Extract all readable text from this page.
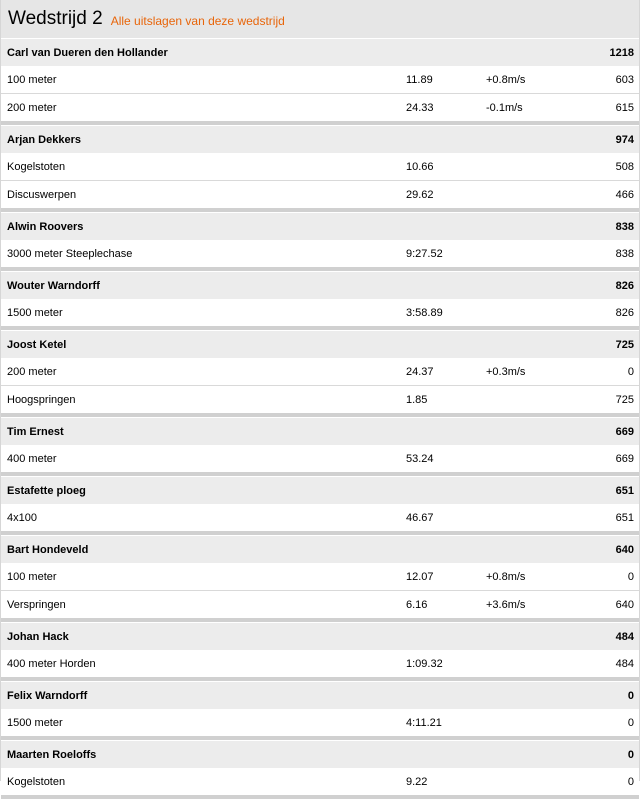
Wedstrijd 2 Alle uitslagen van deze wedstrijd
Carl van Dueren den Hollander	1218
100 meter	11.89	+0.8m/s	603
200 meter	24.33	-0.1m/s	615
Arjan Dekkers	974
Kogelstoten	10.66	508
Discuswerpen	29.62	466
Alwin Roovers	838
3000 meter Steeplechase	9:27.52	838
Wouter Warndorff	826
1500 meter	3:58.89	826
Joost Ketel	725
200 meter	24.37	+0.3m/s	0
Hoogspringen	1.85	725
Tim Ernest	669
400 meter	53.24	669
Estafette ploeg	651
4x100	46.67	651
Bart Hondeveld	640
100 meter	12.07	+0.8m/s	0
Verspringen	6.16	+3.6m/s	640
Johan Hack	484
400 meter Horden	1:09.32	484
Felix Warndorff	0
1500 meter	4:11.21	0
Maarten Roeloffs	0
Kogelstoten	9.22	0
